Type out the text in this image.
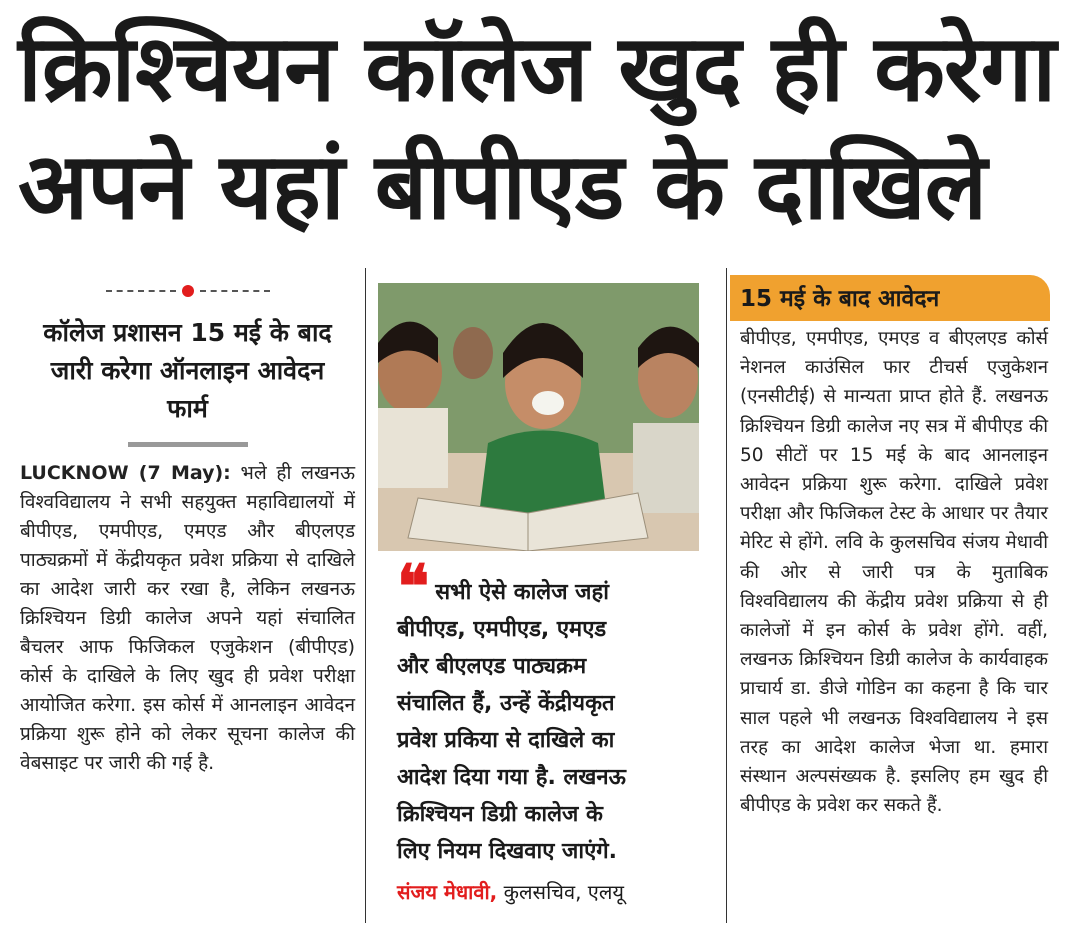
क्रिश्चियन कॉलेज खुद ही करेगा
अपने यहां बीपीएड के दाखिले
कॉलेज प्रशासन 15 मई के बाद जारी करेगा ऑनलाइन आवेदन फार्म
LUCKNOW (7 May): भले ही लखनऊ विश्वविद्यालय ने सभी सहयुक्त महाविद्यालयों में बीपीएड, एमपीएड, एमएड और बीएलएड पाठ्यक्रमों में केंद्रीयकृत प्रवेश प्रक्रिया से दाखिले का आदेश जारी कर रखा है, लेकिन लखनऊ क्रिश्चियन डिग्री कालेज अपने यहां संचालित बैचलर आफ फिजिकल एजुकेशन (बीपीएड) कोर्स के दाखिले के लिए खुद ही प्रवेश परीक्षा आयोजित करेगा. इस कोर्स में आनलाइन आवेदन प्रक्रिया शुरू होने को लेकर सूचना कालेज की वेबसाइट पर जारी की गई है.
❝ सभी ऐसे कालेज जहां
बीपीएड, एमपीएड, एमएड
और बीएलएड पाठ्यक्रम
संचालित हैं, उन्हें केंद्रीयकृत
प्रवेश प्रकिया से दाखिले का
आदेश दिया गया है. लखनऊ
क्रिश्चियन डिग्री कालेज के
लिए नियम दिखवाए जाएंगे.
संजय मेधावी, कुलसचिव, एलयू
15 मई के बाद आवेदन
बीपीएड, एमपीएड, एमएड व बीएलएड कोर्स नेशनल काउंसिल फार टीचर्स एजुकेशन (एनसीटीई) से मान्यता प्राप्त होते हैं. लखनऊ क्रिश्चियन डिग्री कालेज नए सत्र में बीपीएड की 50 सीटों पर 15 मई के बाद आनलाइन आवेदन प्रक्रिया शुरू करेगा. दाखिले प्रवेश परीक्षा और फिजिकल टेस्ट के आधार पर तैयार मेरिट से होंगे. लवि के कुलसचिव संजय मेधावी की ओर से जारी पत्र के मुताबिक विश्वविद्यालय की केंद्रीय प्रवेश प्रक्रिया से ही कालेजों में इन कोर्स के प्रवेश होंगे. वहीं, लखनऊ क्रिश्चियन डिग्री कालेज के कार्यवाहक प्राचार्य डा. डीजे गोडिन का कहना है कि चार साल पहले भी लखनऊ विश्वविद्यालय ने इस तरह का आदेश कालेज भेजा था. हमारा संस्थान अल्पसंख्यक है. इसलिए हम खुद ही बीपीएड के प्रवेश कर सकते हैं.
